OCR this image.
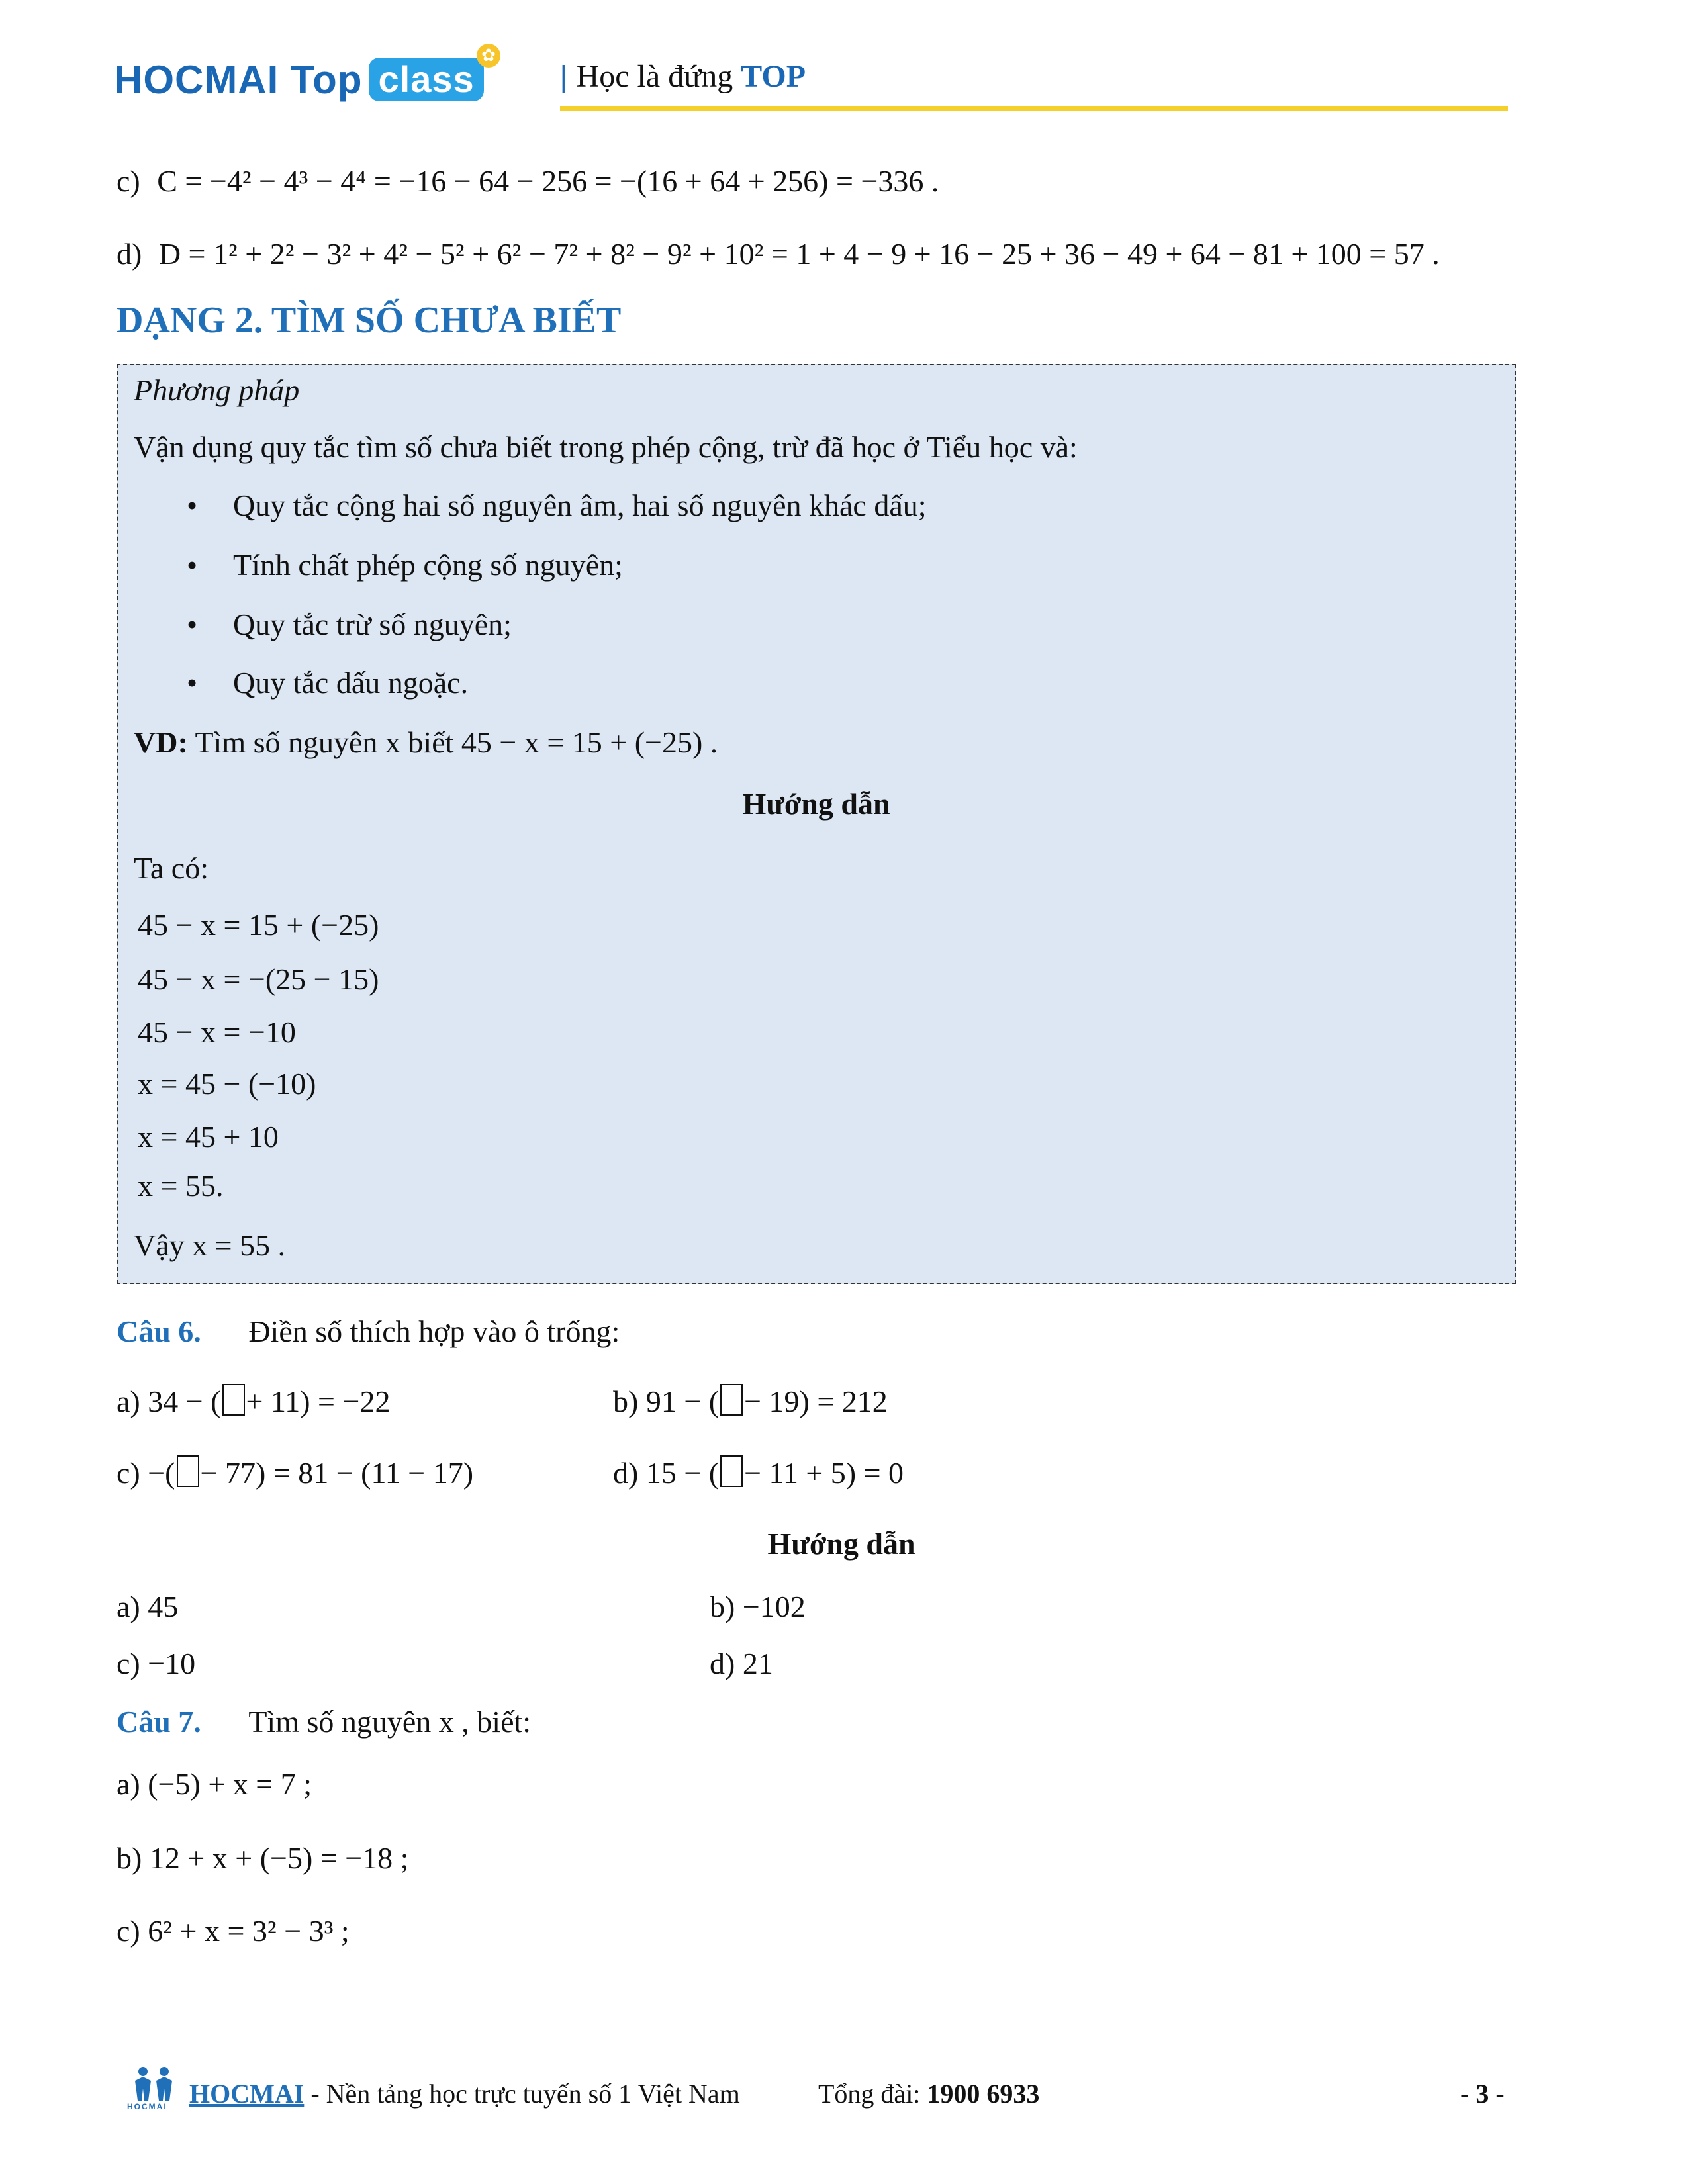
HOCMAI Top class
✿
| Học là đứng TOP
c) C = −4² − 4³ − 4⁴ = −16 − 64 − 256 = −(16 + 64 + 256) = −336 .
d) D = 1² + 2² − 3² + 4² − 5² + 6² − 7² + 8² − 9² + 10² = 1 + 4 − 9 + 16 − 25 + 36 − 49 + 64 − 81 + 100 = 57 .
DẠNG 2. TÌM SỐ CHƯA BIẾT
Phương pháp
Vận dụng quy tắc tìm số chưa biết trong phép cộng, trừ đã học ở Tiểu học và:
• Quy tắc cộng hai số nguyên âm, hai số nguyên khác dấu;
• Tính chất phép cộng số nguyên;
• Quy tắc trừ số nguyên;
• Quy tắc dấu ngoặc.
VD: Tìm số nguyên x biết 45 − x = 15 + (−25) .
Hướng dẫn
Ta có:
45 − x = 15 + (−25)
45 − x = −(25 − 15)
45 − x = −10
x = 45 − (−10)
x = 45 + 10
x = 55.
Vậy x = 55 .
Câu 6. Điền số thích hợp vào ô trống:
a) 34 − ( + 11) = −22	b) 91 − ( − 19) = 212
c) −( − 77) = 81 − (11 − 17)	d) 15 − ( − 11 + 5) = 0
Hướng dẫn
a) 45	b) −102
c) −10	d) 21
Câu 7. Tìm số nguyên x , biết:
a) (−5) + x = 7 ;
b) 12 + x + (−5) = −18 ;
c) 6² + x = 3² − 3³ ;
HOCMAI HOCMAI - Nền tảng học trực tuyến số 1 Việt Nam	Tổng đài: 1900 6933	- 3 -
